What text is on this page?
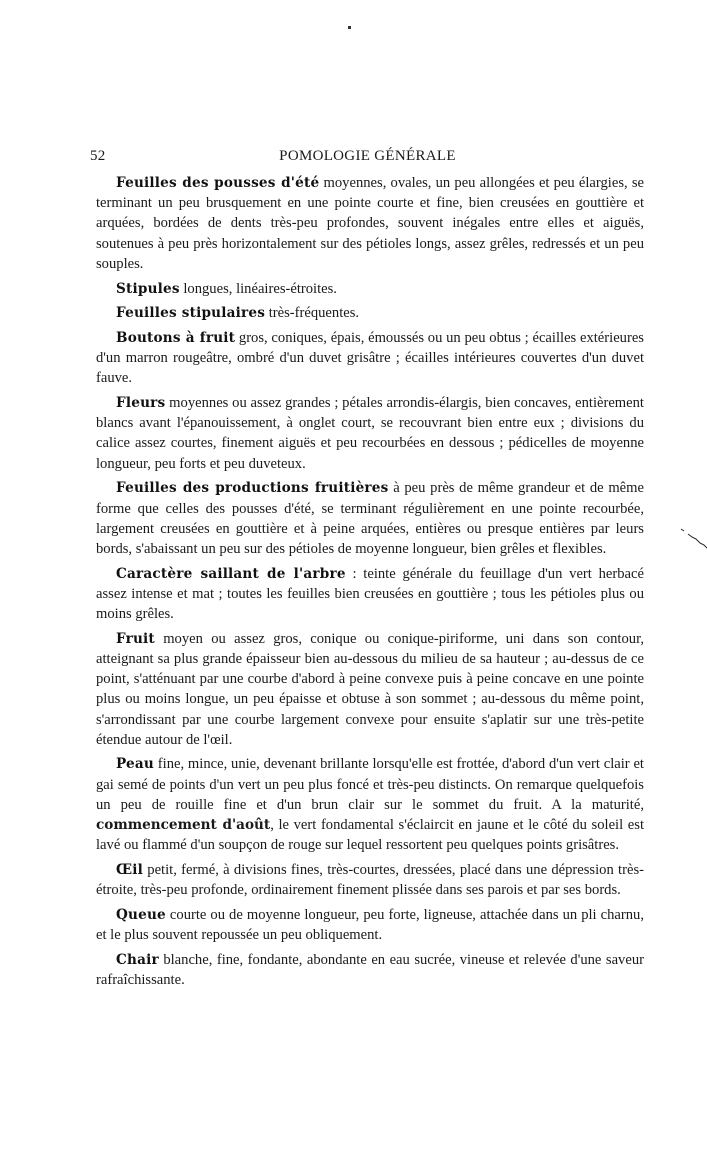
52	POMOLOGIE GÉNÉRALE

Feuilles des pousses d'été moyennes, ovales, un peu allongées et peu élargies, se terminant un peu brusquement en une pointe courte et fine, bien creusées en gouttière et arquées, bordées de dents très-peu profondes, souvent inégales entre elles et aiguës, soutenues à peu près horizontalement sur des pétioles longs, assez grêles, redressés et un peu souples.

Stipules longues, linéaires-étroites.

Feuilles stipulaires très-fréquentes.

Boutons à fruit gros, coniques, épais, émoussés ou un peu obtus ; écailles extérieures d'un marron rougeâtre, ombré d'un duvet grisâtre ; écailles intérieures couvertes d'un duvet fauve.

Fleurs moyennes ou assez grandes ; pétales arrondis-élargis, bien concaves, entièrement blancs avant l'épanouissement, à onglet court, se recouvrant bien entre eux ; divisions du calice assez courtes, finement aiguës et peu recourbées en dessous ; pédicelles de moyenne longueur, peu forts et peu duveteux.

Feuilles des productions fruitières à peu près de même grandeur et de même forme que celles des pousses d'été, se terminant régulièrement en une pointe recourbée, largement creusées en gouttière et à peine arquées, entières ou presque entières par leurs bords, s'abaissant un peu sur des pétioles de moyenne longueur, bien grêles et flexibles.

Caractère saillant de l'arbre : teinte générale du feuillage d'un vert herbacé assez intense et mat ; toutes les feuilles bien creusées en gouttière ; tous les pétioles plus ou moins grêles.

Fruit moyen ou assez gros, conique ou conique-piriforme, uni dans son contour, atteignant sa plus grande épaisseur bien au-dessous du milieu de sa hauteur ; au-dessus de ce point, s'atténuant par une courbe d'abord à peine convexe puis à peine concave en une pointe plus ou moins longue, un peu épaisse et obtuse à son sommet ; au-dessous du même point, s'arrondissant par une courbe largement convexe pour ensuite s'aplatir sur une très-petite étendue autour de l'œil.

Peau fine, mince, unie, devenant brillante lorsqu'elle est frottée, d'abord d'un vert clair et gai semé de points d'un vert un peu plus foncé et très-peu distincts. On remarque quelquefois un peu de rouille fine et d'un brun clair sur le sommet du fruit. A la maturité, commencement d'août, le vert fondamental s'éclaircit en jaune et le côté du soleil est lavé ou flammé d'un soupçon de rouge sur lequel ressortent peu quelques points grisâtres.

Œil petit, fermé, à divisions fines, très-courtes, dressées, placé dans une dépression très-étroite, très-peu profonde, ordinairement finement plissée dans ses parois et par ses bords.

Queue courte ou de moyenne longueur, peu forte, ligneuse, attachée dans un pli charnu, et le plus souvent repoussée un peu obliquement.

Chair blanche, fine, fondante, abondante en eau sucrée, vineuse et relevée d'une saveur rafraîchissante.
